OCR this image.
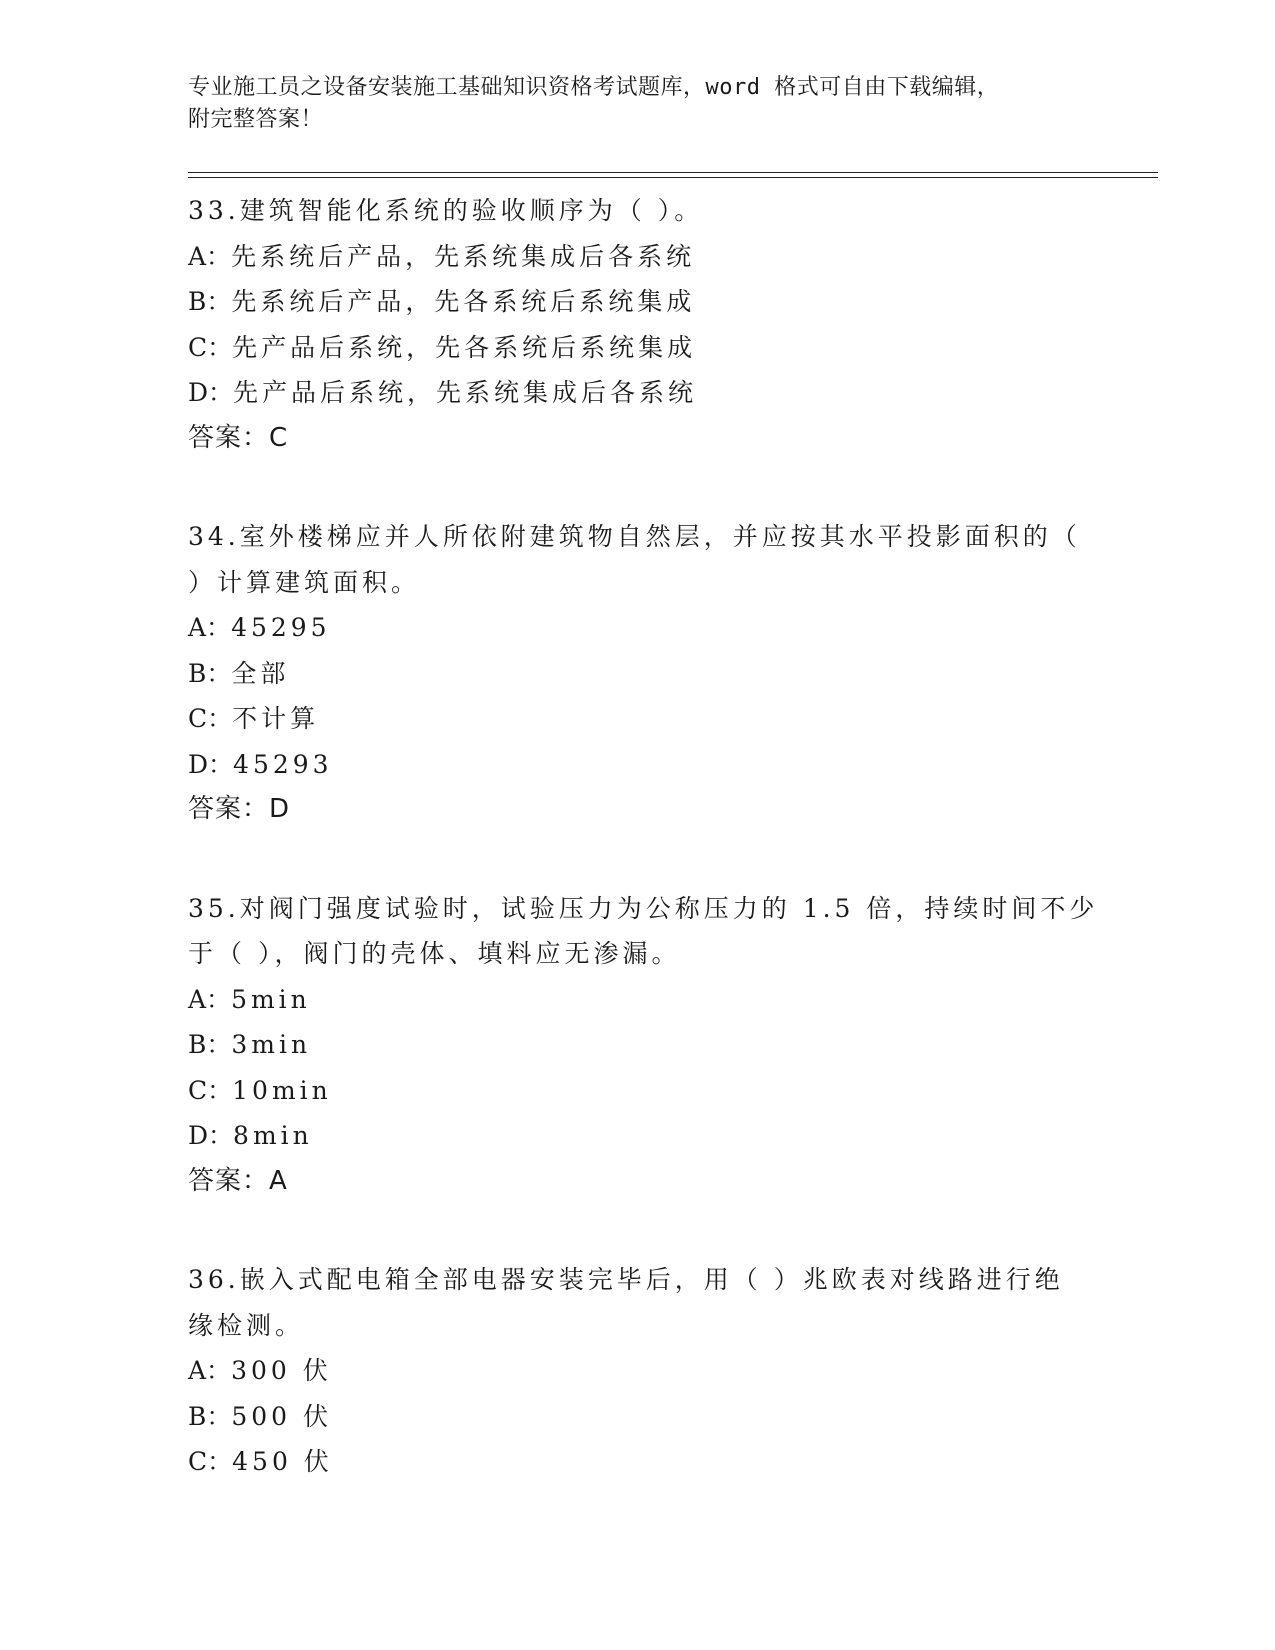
专业施工员之设备安装施工基础知识资格考试题库，word 格式可自由下载编辑，
附完整答案！
33.建筑智能化系统的验收顺序为（ ）。
A：先系统后产品，先系统集成后各系统
B：先系统后产品，先各系统后系统集成
C：先产品后系统，先各系统后系统集成
D：先产品后系统，先系统集成后各系统
答案：C
34.室外楼梯应并人所依附建筑物自然层，并应按其水平投影面积的（
）计算建筑面积。
A：45295
B：全部
C：不计算
D：45293
答案：D
35.对阀门强度试验时，试验压力为公称压力的 1.5 倍，持续时间不少
于（ ），阀门的壳体、填料应无渗漏。
A：5min
B：3min
C：10min
D：8min
答案：A
36.嵌入式配电箱全部电器安装完毕后，用（ ）兆欧表对线路进行绝
缘检测。
A：300 伏
B：500 伏
C：450 伏
